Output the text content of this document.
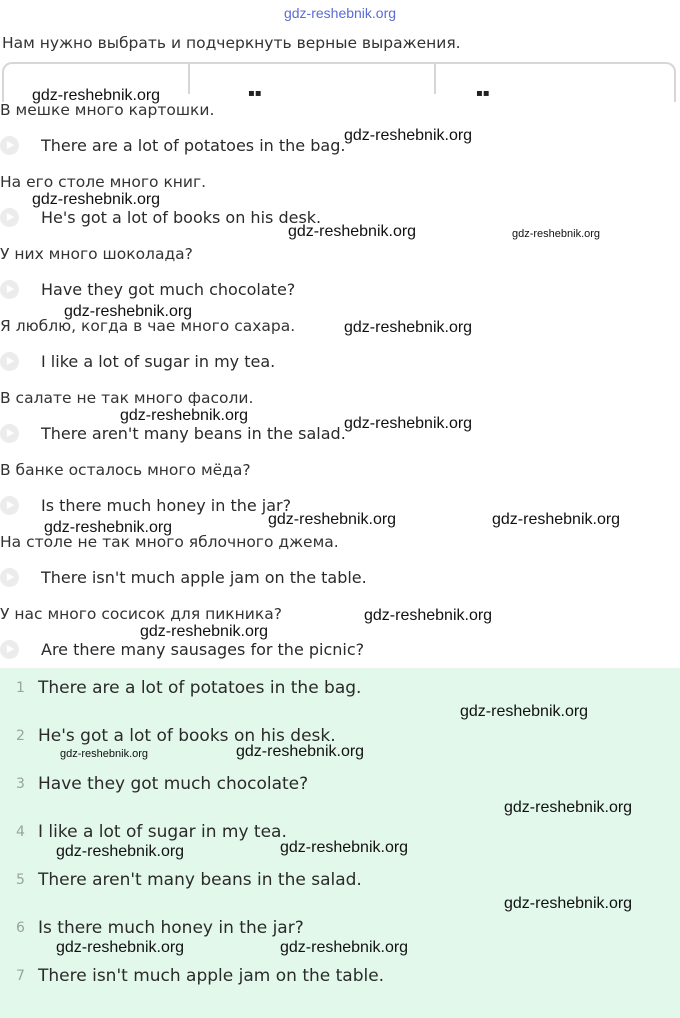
gdz-reshebnik.org
Нам нужно выбрать и подчеркнуть верные выражения.
▪▪	▪▪
В мешке много картошки.
There are a lot of potatoes in the bag.
На его столе много книг.
He's got a lot of books on his desk.
У них много шоколада?
Have they got much chocolate?
Я люблю, когда в чае много сахара.
I like a lot of sugar in my tea.
В салате не так много фасоли.
There aren't many beans in the salad.
В банке осталось много мёда?
Is there much honey in the jar?
На столе не так много яблочного джема.
There isn't much apple jam on the table.
У нас много сосисок для пикника?
Are there many sausages for the picnic?
1 There are a lot of potatoes in the bag.
2 He's got a lot of books on his desk.
3 Have they got much chocolate?
4 I like a lot of sugar in my tea.
5 There aren't many beans in the salad.
6 Is there much honey in the jar?
7 There isn't much apple jam on the table.
gdz-reshebnik.org
gdz-reshebnik.org
gdz-reshebnik.org
gdz-reshebnik.org	gdz-reshebnik.org
gdz-reshebnik.org
gdz-reshebnik.org
gdz-reshebnik.org	gdz-reshebnik.org
gdz-reshebnik.org	gdz-reshebnik.org
gdz-reshebnik.org
gdz-reshebnik.org
gdz-reshebnik.org
gdz-reshebnik.org
gdz-reshebnik.org	gdz-reshebnik.org
gdz-reshebnik.org
gdz-reshebnik.org
gdz-reshebnik.org
gdz-reshebnik.org
gdz-reshebnik.org	gdz-reshebnik.org
